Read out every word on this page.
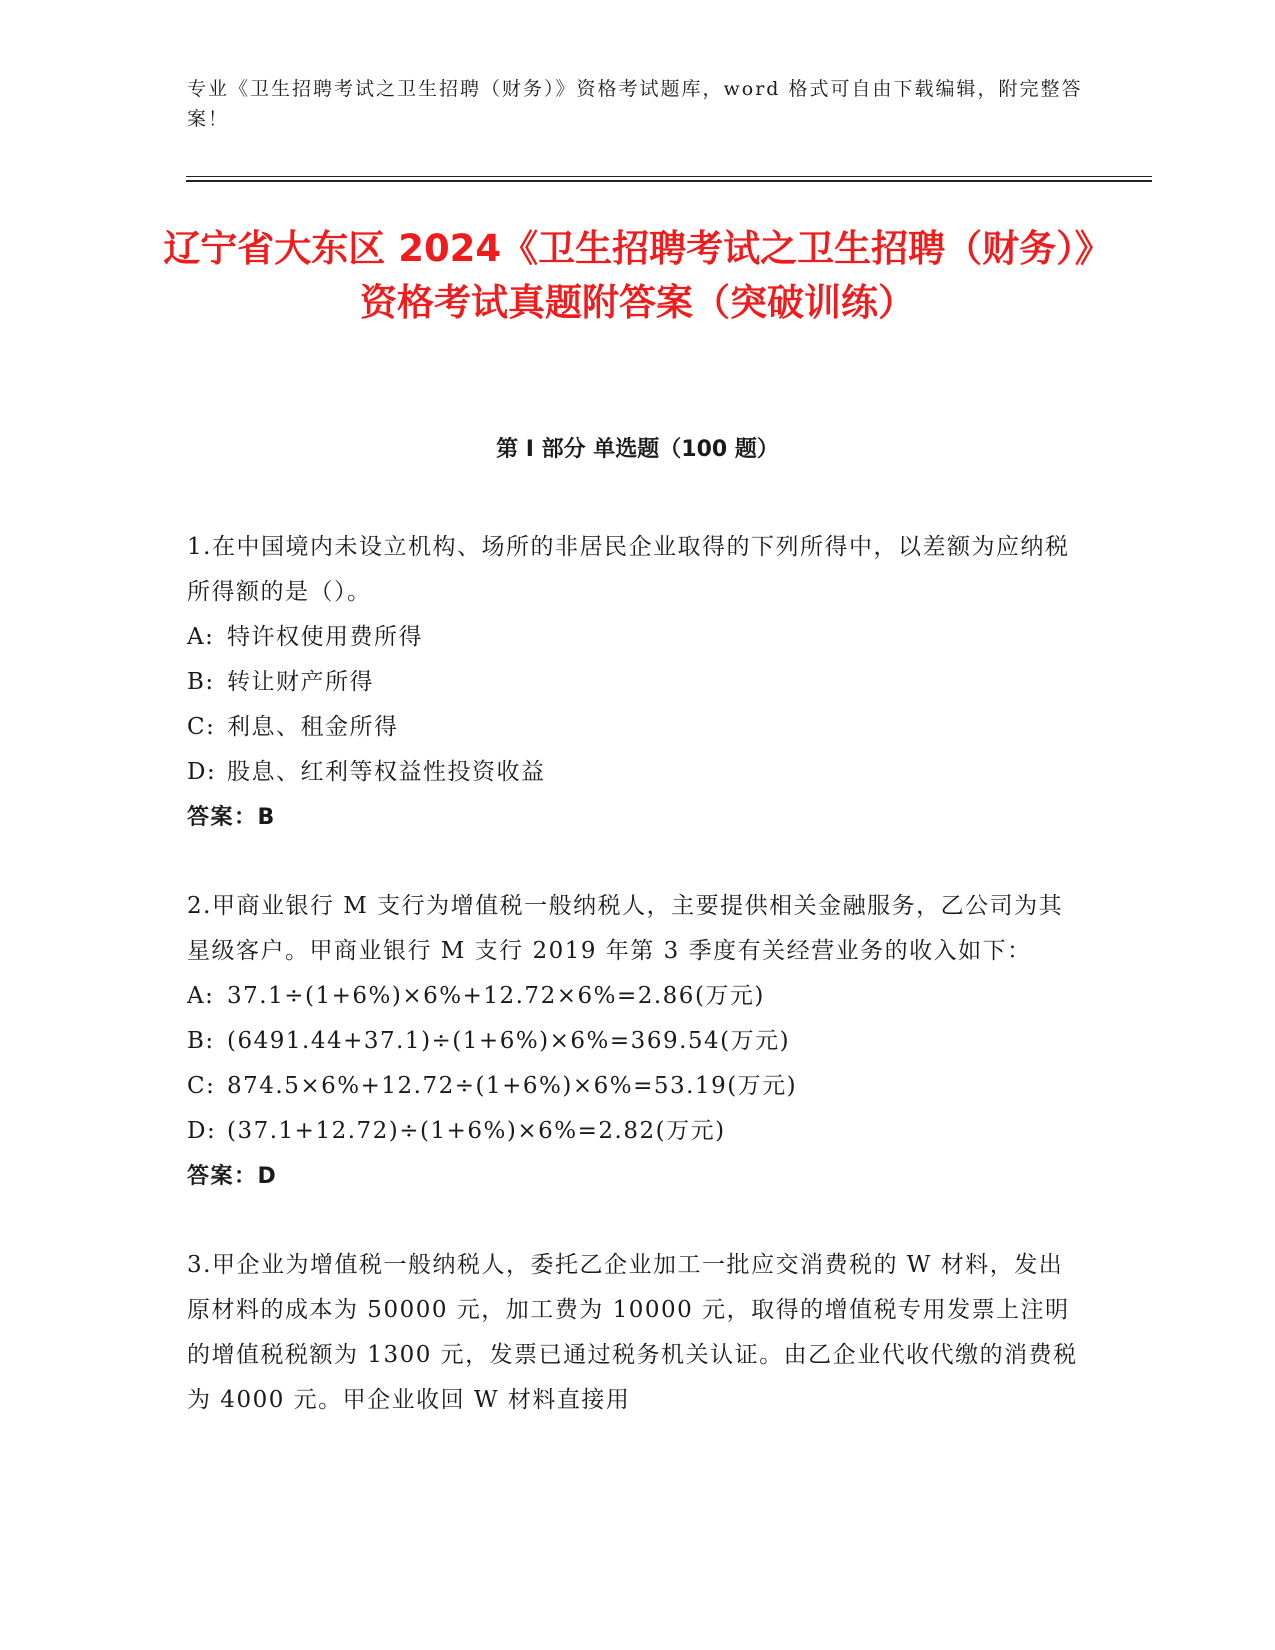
专业《卫生招聘考试之卫生招聘（财务）》资格考试题库，word 格式可自由下载编辑，附完整答案！
辽宁省大东区 2024《卫生招聘考试之卫生招聘（财务）》资格考试真题附答案（突破训练）
第 I 部分 单选题（100 题）
1.在中国境内未设立机构、场所的非居民企业取得的下列所得中，以差额为应纳税所得额的是（）。
A: 特许权使用费所得
B: 转让财产所得
C: 利息、租金所得
D: 股息、红利等权益性投资收益
答案：B
2.甲商业银行 M 支行为增值税一般纳税人，主要提供相关金融服务，乙公司为其星级客户。甲商业银行 M 支行 2019 年第 3 季度有关经营业务的收入如下：
A: 37.1÷(1+6%)×6%+12.72×6%=2.86(万元)
B: (6491.44+37.1)÷(1+6%)×6%=369.54(万元)
C: 874.5×6%+12.72÷(1+6%)×6%=53.19(万元)
D: (37.1+12.72)÷(1+6%)×6%=2.82(万元)
答案：D
3.甲企业为增值税一般纳税人，委托乙企业加工一批应交消费税的 W 材料，发出原材料的成本为 50000 元，加工费为 10000 元，取得的增值税专用发票上注明的增值税税额为 1300 元，发票已通过税务机关认证。由乙企业代收代缴的消费税为 4000 元。甲企业收回 W 材料直接用
